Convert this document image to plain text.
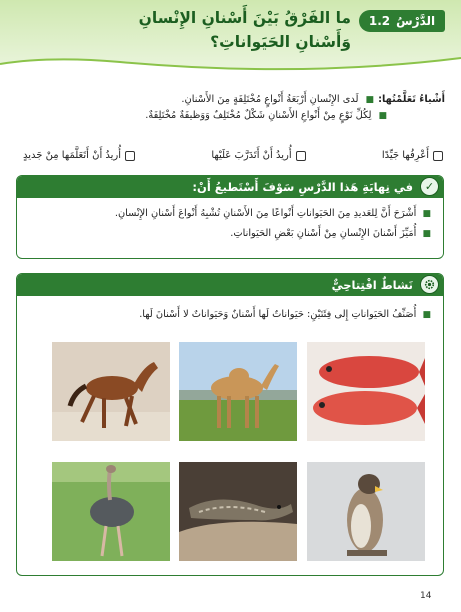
الدَّرْسُ
1.2
ما الفَرْقُ بَيْنَ أَسْنانِ الإِنْسانِ وَأَسْنانِ الحَيَواناتِ؟
أَشْياءُ تَعَلَّمْتُها:
■
لَدى الإِنْسانِ أَرْبَعَةُ أَنْواعٍ مُخْتَلِفَةٍ مِنَ الأَسْنانِ.
■
لِكُلِّ نَوْعٍ مِنْ أَنْواعِ الأَسْنانِ شَكْلٌ مُخْتَلِفٌ وَوَظيفَةٌ مُخْتَلِفَةٌ.
أَعْرِفُها جَيِّدًا
أُريدُ أَنْ أَتَدَرَّبَ عَلَيْها
أُريدُ أَنْ أَتَعَلَّمَها مِنْ جَديدٍ
في نِهايَةِ هَذا الدَّرْسِ سَوْفَ أَسْتَطيعُ أَنْ:	✓
■ أَشْرَحَ أَنَّ لِلعَديدِ مِنَ الحَيَواناتِ أَنْواعًا مِنَ الأَسْنانِ تُشْبِهُ أَنْواعَ أَسْنانِ الإِنْسانِ.
■ أُمَيِّزَ أَسْنانَ الإِنْسانِ مِنْ أَسْنانِ بَعْضِ الحَيَواناتِ.
نَشاطٌ افْتِتاحِيٌّ
■ أُصَنِّفُ الحَيَواناتِ إِلى فِئَتَيْنِ: حَيَواناتٌ لَها أَسْنانٌ وَحَيَواناتٌ لا أَسْنانَ لَها.
14
